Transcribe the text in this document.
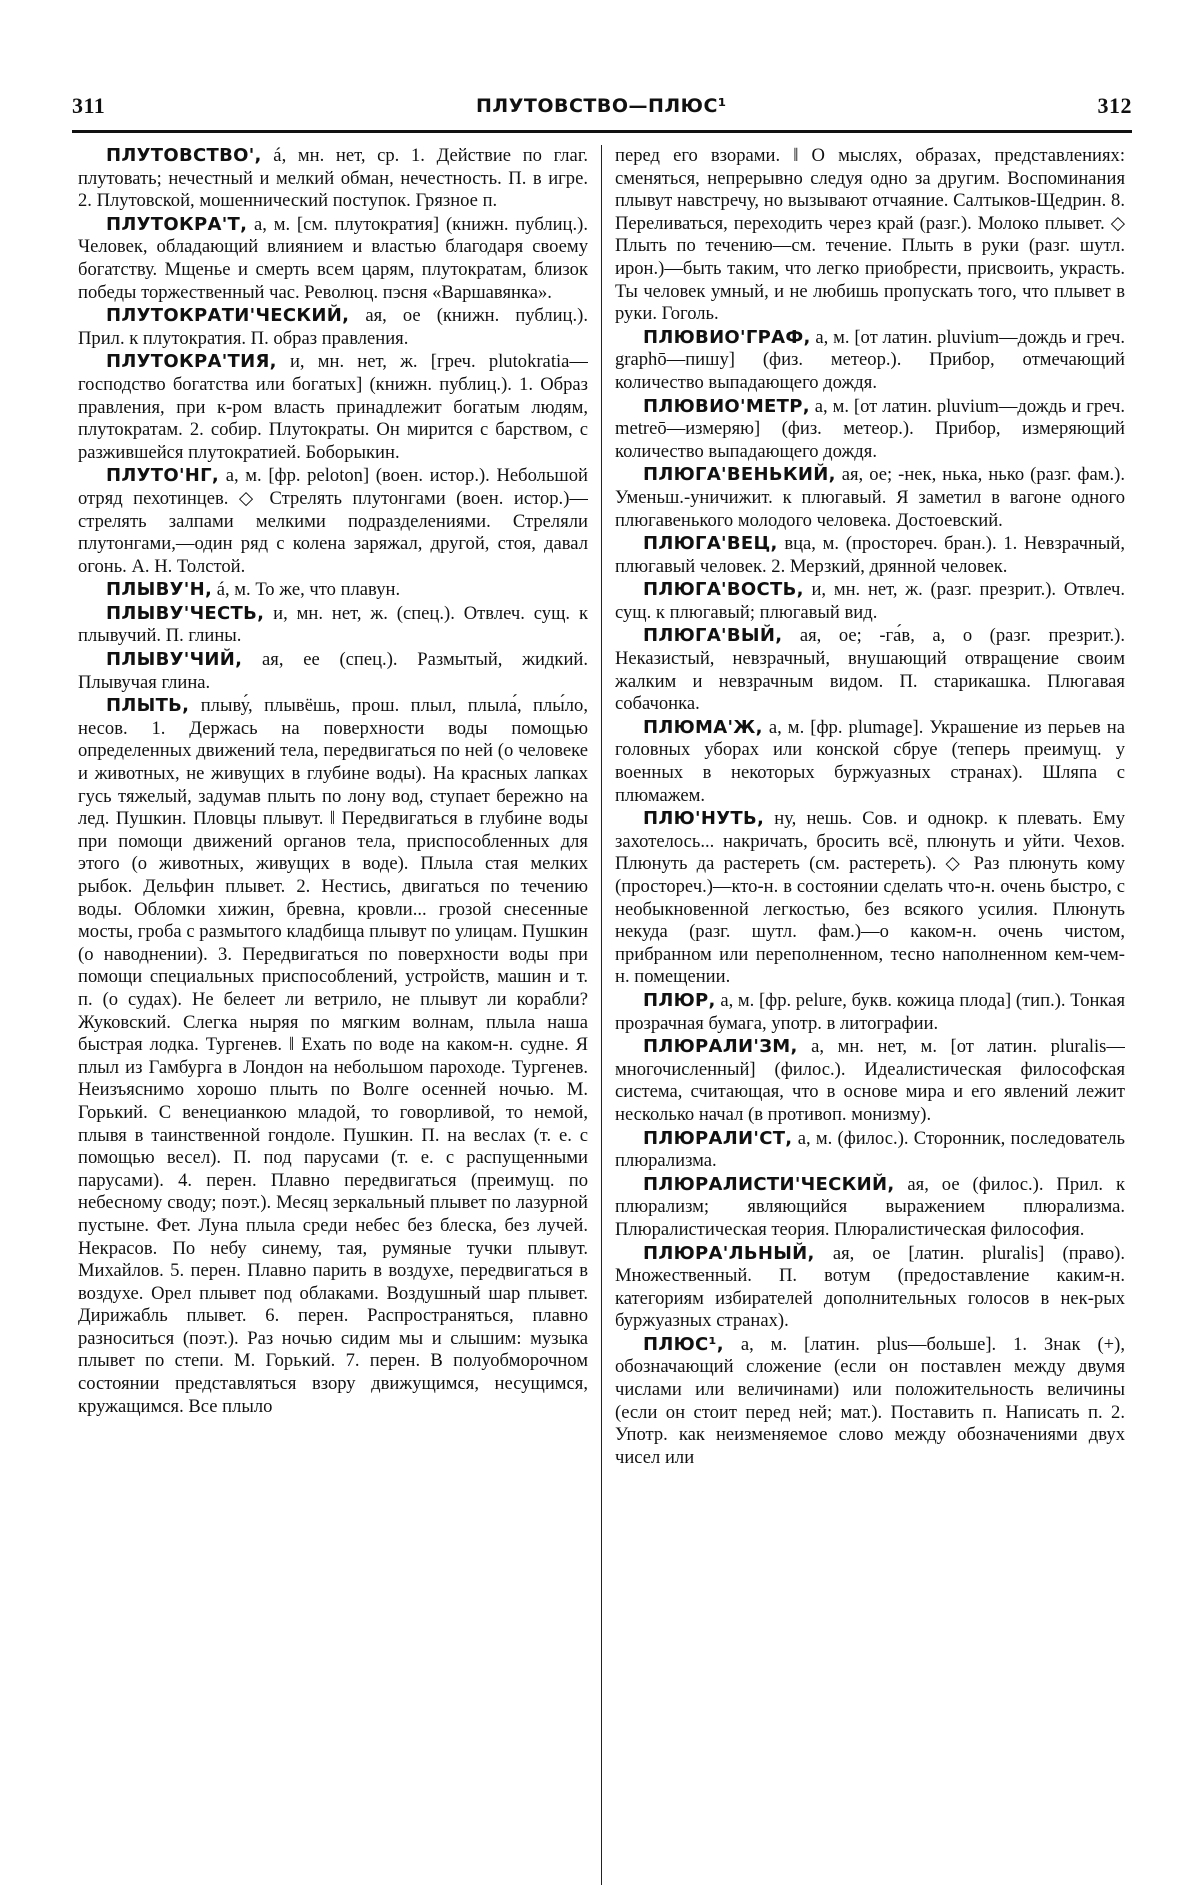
311	ПЛУТОВСТВО—ПЛЮС¹	312

ПЛУТОВСТВО', á, мн. нет, ср. 1. Действие по глаг. плутовать; нечестный и мелкий обман, нечестность. П. в игре. 2. Плутовской, мошеннический поступок. Грязное п.

ПЛУТОКРА'Т, а, м. [см. плутократия] (книжн. публиц.). Человек, обладающий влиянием и властью благодаря своему богатству. Мщенье и смерть всем царям, плутократам, близок победы торжественный час. Революц. пэсня «Варшавянка».

ПЛУТОКРАТИ'ЧЕСКИЙ, ая, ое (книжн. публиц.). Прил. к плутократия. П. образ правления.

ПЛУТОКРА'ТИЯ, и, мн. нет, ж. [греч. plutokratia—господство богатства или богатых] (книжн. публиц.). 1. Образ правления, при к-ром власть принадлежит богатым людям, плутократам. 2. собир. Плутократы. Он мирится с барством, с разжившейся плутократией. Боборыкин.

ПЛУТО'НГ, а, м. [фр. peloton] (воен. истор.). Небольшой отряд пехотинцев. ◇ Стрелять плутонгами (воен. истор.)—стрелять залпами мелкими подразделениями. Стреляли плутонгами,—один ряд с колена заряжал, другой, стоя, давал огонь. А. Н. Толстой.

ПЛЫВУ'Н, á, м. То же, что плавун.

ПЛЫВУ'ЧЕСТЬ, и, мн. нет, ж. (спец.). Отвлеч. сущ. к плывучий. П. глины.

ПЛЫВУ'ЧИЙ, ая, ее (спец.). Размытый, жидкий. Плывучая глина.

ПЛЫТЬ, плыву́, плывёшь, прош. плыл, плыла́, плы́ло, несов. 1. Держась на поверхности воды помощью определенных движений тела, передвигаться по ней (о человеке и животных, не живущих в глубине воды). На красных лапках гусь тяжелый, задумав плыть по лону вод, ступает бережно на лед. Пушкин. Пловцы плывут. ‖ Передвигаться в глубине воды при помощи движений органов тела, приспособленных для этого (о животных, живущих в воде). Плыла стая мелких рыбок. Дельфин плывет. 2. Нестись, двигаться по течению воды. Обломки хижин, бревна, кровли... грозой снесенные мосты, гроба с размытого кладбища плывут по улицам. Пушкин (о наводнении). 3. Передвигаться по поверхности воды при помощи специальных приспособлений, устройств, машин и т. п. (о судах). Не белеет ли ветрило, не плывут ли корабли? Жуковский. Слегка ныряя по мягким волнам, плыла наша быстрая лодка. Тургенев. ‖ Ехать по воде на каком-н. судне. Я плыл из Гамбурга в Лондон на небольшом пароходе. Тургенев. Неизъяснимо хорошо плыть по Волге осенней ночью. М. Горький. С венецианкою младой, то говорливой, то немой, плывя в таинственной гондоле. Пушкин. П. на веслах (т. е. с помощью весел). П. под парусами (т. е. с распущенными парусами). 4. перен. Плавно передвигаться (преимущ. по небесному своду; поэт.). Месяц зеркальный плывет по лазурной пустыне. Фет. Луна плыла среди небес без блеска, без лучей. Некрасов. По небу синему, тая, румяные тучки плывут. Михайлов. 5. перен. Плавно парить в воздухе, передвигаться в воздухе. Орел плывет под облаками. Воздушный шар плывет. Дирижабль плывет. 6. перен. Распространяться, плавно разноситься (поэт.). Раз ночью сидим мы и слышим: музыка плывет по степи. М. Горький. 7. перен. В полуобморочном состоянии представляться взору движущимся, несущимся, кружащимся. Все плыло

перед его взорами. ‖ О мыслях, образах, представлениях: сменяться, непрерывно следуя одно за другим. Воспоминания плывут навстречу, но вызывают отчаяние. Салтыков-Щедрин. 8. Переливаться, переходить через край (разг.). Молоко плывет. ◇ Плыть по течению—см. течение. Плыть в руки (разг. шутл. ирон.)—быть таким, что легко приобрести, присвоить, украсть. Ты человек умный, и не любишь пропускать того, что плывет в руки. Гоголь.

ПЛЮВИО'ГРАФ, а, м. [от латин. pluvium—дождь и греч. graphō—пишу] (физ. метеор.). Прибор, отмечающий количество выпадающего дождя.

ПЛЮВИО'МЕТР, а, м. [от латин. pluvium—дождь и греч. metreō—измеряю] (физ. метеор.). Прибор, измеряющий количество выпадающего дождя.

ПЛЮГА'ВЕНЬКИЙ, ая, ое; -нек, нька, нько (разг. фам.). Уменьш.-уничижит. к плюгавый. Я заметил в вагоне одного плюгавенького молодого человека. Достоевский.

ПЛЮГА'ВЕЦ, вца, м. (простореч. бран.). 1. Невзрачный, плюгавый человек. 2. Мерзкий, дрянной человек.

ПЛЮГА'ВОСТЬ, и, мн. нет, ж. (разг. презрит.). Отвлеч. сущ. к плюгавый; плюгавый вид.

ПЛЮГА'ВЫЙ, ая, ое; -га́в, а, о (разг. презрит.). Неказистый, невзрачный, внушающий отвращение своим жалким и невзрачным видом. П. старикашка. Плюгавая собачонка.

ПЛЮМА'Ж, а, м. [фр. plumage]. Украшение из перьев на головных уборах или конской сбруе (теперь преимущ. у военных в некоторых буржуазных странах). Шляпа с плюмажем.

ПЛЮ'НУТЬ, ну, нешь. Сов. и однокр. к плевать. Ему захотелось... накричать, бросить всё, плюнуть и уйти. Чехов. Плюнуть да растереть (см. растереть). ◇ Раз плюнуть кому (простореч.)—кто-н. в состоянии сделать что-н. очень быстро, с необыкновенной легкостью, без всякого усилия. Плюнуть некуда (разг. шутл. фам.)—о каком-н. очень чистом, прибранном или переполненном, тесно наполненном кем-чем-н. помещении.

ПЛЮР, а, м. [фр. pelure, букв. кожица плода] (тип.). Тонкая прозрачная бумага, употр. в литографии.

ПЛЮРАЛИ'ЗМ, а, мн. нет, м. [от латин. pluralis—многочисленный] (филос.). Идеалистическая философская система, считающая, что в основе мира и его явлений лежит несколько начал (в противоп. монизму).

ПЛЮРАЛИ'СТ, а, м. (филос.). Сторонник, последователь плюрализма.

ПЛЮРАЛИСТИ'ЧЕСКИЙ, ая, ое (филос.). Прил. к плюрализм; являющийся выражением плюрализма. Плюралистическая теория. Плюралистическая философия.

ПЛЮРА'ЛЬНЫЙ, ая, ое [латин. pluralis] (право). Множественный. П. вотум (предоставление каким-н. категориям избирателей дополнительных голосов в нек-рых буржуазных странах).

ПЛЮС¹, а, м. [латин. plus—больше]. 1. Знак (+), обозначающий сложение (если он поставлен между двумя числами или величинами) или положительность величины (если он стоит перед ней; мат.). Поставить п. Написать п. 2. Употр. как неизменяемое слово между обозначениями двух чисел или
